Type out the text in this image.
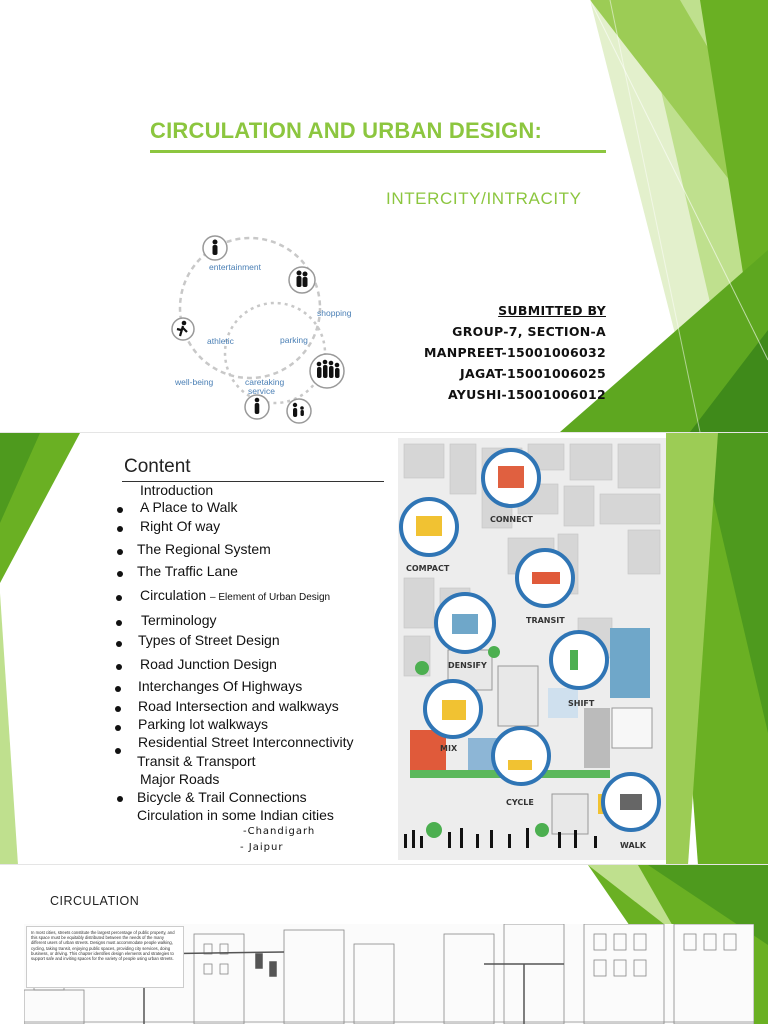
CIRCULATION AND URBAN DESIGN:
INTERCITY/INTRACITY
entertainment
shopping
athletic	parking
well-being	caretaking
service
SUBMITTED BY
GROUP-7, SECTION-A
MANPREET-15001006032
JAGAT-15001006025
AYUSHI-15001006012
Content
Introduction
A Place to Walk
Right Of way
The Regional System
The Traffic Lane
Circulation – Element of Urban Design
Terminology
Types of Street Design
Road Junction Design
Interchanges Of Highways
Road Intersection and walkways
Parking lot walkways
Residential Street Interconnectivity
Transit & Transport
Major Roads
Bicycle & Trail Connections
Circulation in some Indian cities
-Chandigarh
- Jaipur
CONNECT
COMPACT
TRANSIT
DENSIFY
SHIFT
MIX
CYCLE
WALK
CIRCULATION
In most cities, streets constitute the largest percentage of public property, and this space must be equitably distributed between the needs of the many different users of urban streets. Designs must accommodate people walking, cycling, taking transit, enjoying public spaces, providing city services, doing business, or driving. This chapter identifies design elements and strategies to support safe and inviting spaces for the variety of people using urban streets.
